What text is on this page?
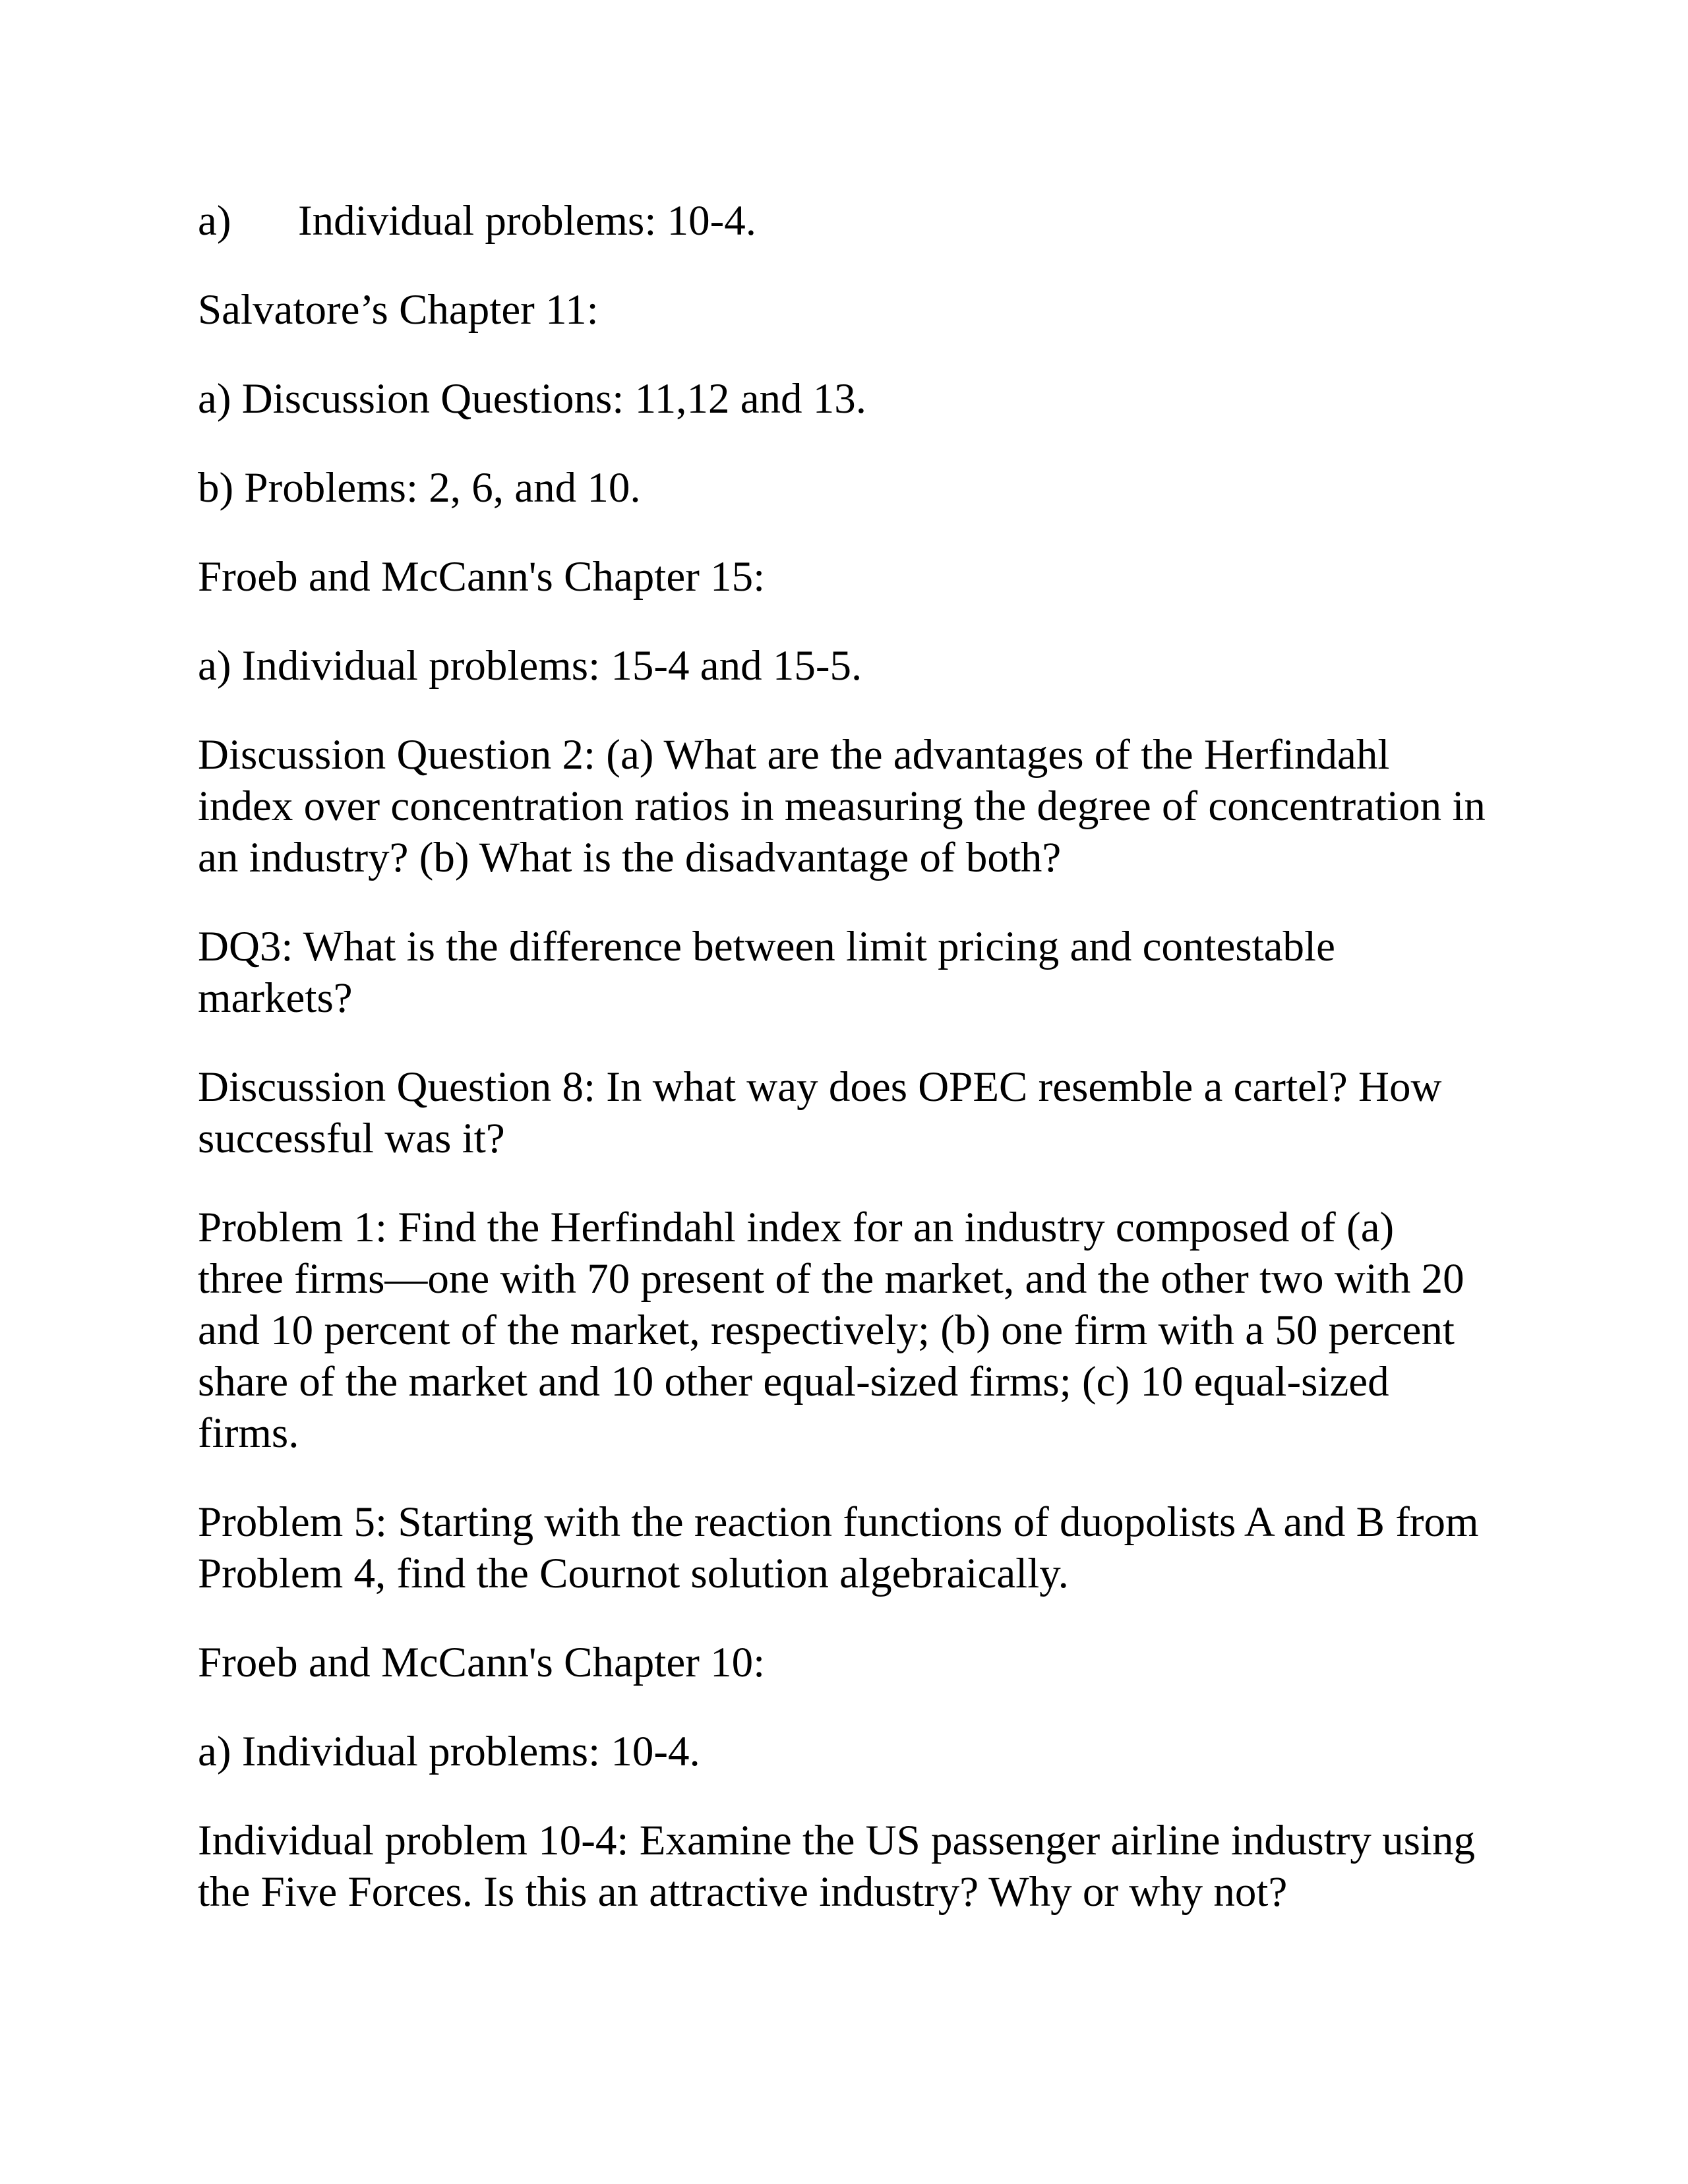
a)	Individual problems: 10-4.

Salvatore’s Chapter 11:

a) Discussion Questions: 11,12 and 13.

b) Problems: 2, 6, and 10.

Froeb and McCann's Chapter 15:

a) Individual problems: 15-4 and 15-5.

Discussion Question 2: (a) What are the advantages of the Herfindahl index over concentration ratios in measuring the degree of concentration in an industry? (b) What is the disadvantage of both?

DQ3: What is the difference between limit pricing and contestable markets?

Discussion Question 8: In what way does OPEC resemble a cartel? How successful was it?

Problem 1: Find the Herfindahl index for an industry composed of (a) three firms—one with 70 present of the market, and the other two with 20 and 10 percent of the market, respectively; (b) one firm with a 50 percent share of the market and 10 other equal-sized firms; (c) 10 equal-sized firms.

Problem 5: Starting with the reaction functions of duopolists A and B from Problem 4, find the Cournot solution algebraically.

Froeb and McCann's Chapter 10:

a) Individual problems: 10-4.

Individual problem 10-4: Examine the US passenger airline industry using the Five Forces. Is this an attractive industry? Why or why not?
